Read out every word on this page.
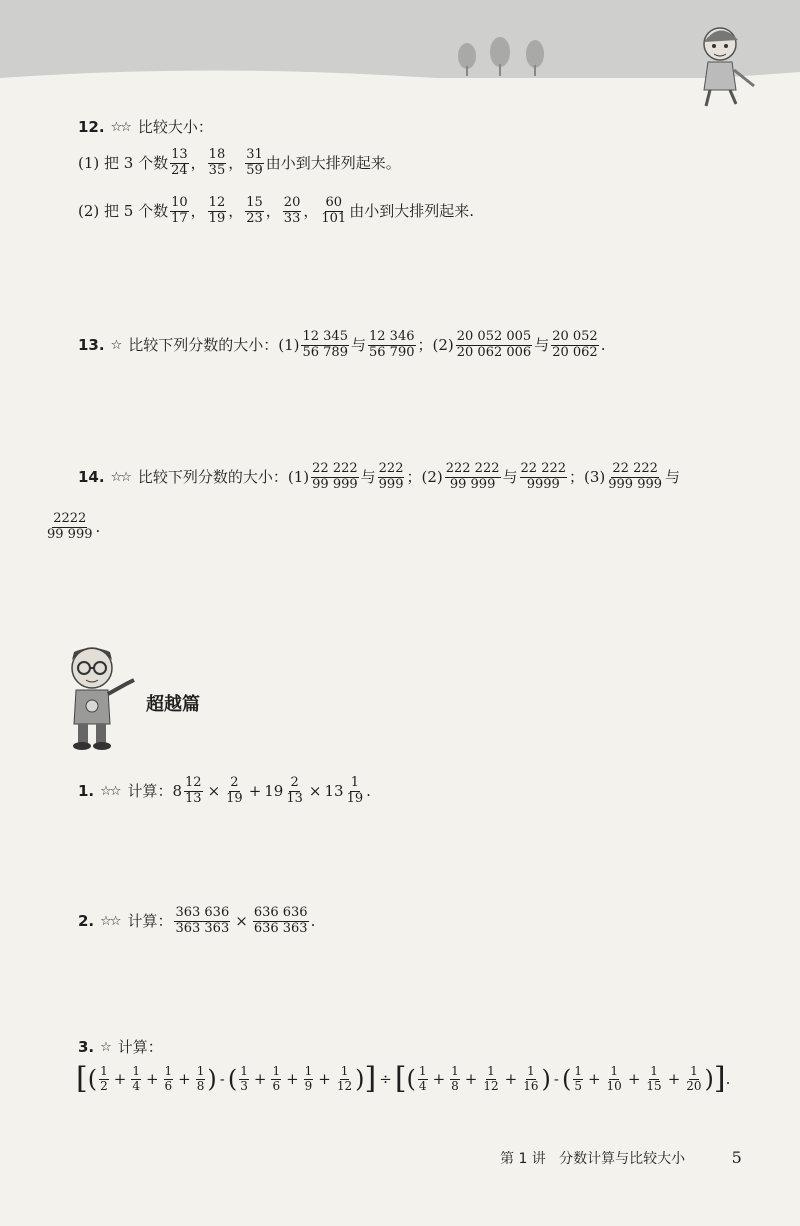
12. ☆☆ 比较大小：
(1) 把 3 个数 $\frac{13}{24}$ ， $\frac{18}{35}$ ， $\frac{31}{59}$ 由小到大排列起来。
(2) 把 5 个数 $\frac{10}{17}$ ， $\frac{12}{19}$ ， $\frac{15}{23}$ ， $\frac{20}{33}$ ， $\frac{60}{101}$ 由小到大排列起来.
13. ☆ 比较下列分数的大小：$(1) \frac{12 345}{56 789}$ 与 $\frac{12 346}{56 790}$ ；$(2) \frac{20 052 005}{20 062 006}$ 与 $\frac{20 052}{20 062}$ .
14. ☆☆ 比较下列分数的大小：$(1) \frac{22 222}{99 999}$ 与 $\frac{222}{999}$ ；$(2) \frac{222 222}{99 999}$ 与 $\frac{22 222}{9999}$ ；$(3) \frac{22 222}{999 999}$ 与
$\frac{2222}{99 999}$ .
超越篇
1. ☆☆ 计算： $8 \frac{12}{13} \times \frac{2}{19} + 19 \frac{2}{13} \times 13 \frac{1}{19}$ .
2. ☆☆ 计算： $\frac{363 636}{363 363} \times \frac{636 636}{636 363}$ .
3. ☆ 计算：
[ ( $\frac{1}{2} + \frac{1}{4} + \frac{1}{6} + \frac{1}{8}$ ) - ( $\frac{1}{3} + \frac{1}{6} + \frac{1}{9} + \frac{1}{12}$ ) ] ÷ [ ( $\frac{1}{4} + \frac{1}{8} + \frac{1}{12} + \frac{1}{16}$ ) - ( $\frac{1}{5} + \frac{1}{10} + \frac{1}{15} + \frac{1}{20}$ ) ] .
第 1 讲 分数计算与比较大小	5
